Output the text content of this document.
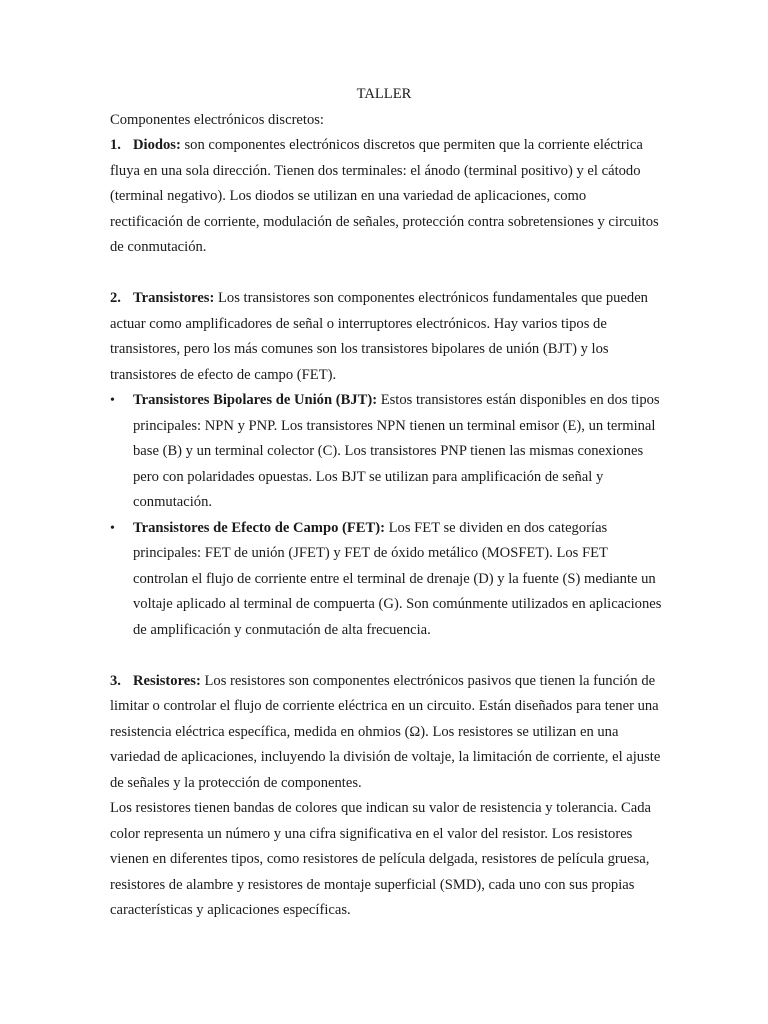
TALLER

Componentes electrónicos discretos:

1. Diodos: son componentes electrónicos discretos que permiten que la corriente eléctrica fluya en una sola dirección. Tienen dos terminales: el ánodo (terminal positivo) y el cátodo (terminal negativo). Los diodos se utilizan en una variedad de aplicaciones, como rectificación de corriente, modulación de señales, protección contra sobretensiones y circuitos de conmutación.

2. Transistores: Los transistores son componentes electrónicos fundamentales que pueden actuar como amplificadores de señal o interruptores electrónicos. Hay varios tipos de transistores, pero los más comunes son los transistores bipolares de unión (BJT) y los transistores de efecto de campo (FET).

•	Transistores Bipolares de Unión (BJT): Estos transistores están disponibles en dos tipos principales: NPN y PNP. Los transistores NPN tienen un terminal emisor (E), un terminal base (B) y un terminal colector (C). Los transistores PNP tienen las mismas conexiones pero con polaridades opuestas. Los BJT se utilizan para amplificación de señal y conmutación.
•	Transistores de Efecto de Campo (FET): Los FET se dividen en dos categorías principales: FET de unión (JFET) y FET de óxido metálico (MOSFET). Los FET controlan el flujo de corriente entre el terminal de drenaje (D) y la fuente (S) mediante un voltaje aplicado al terminal de compuerta (G). Son comúnmente utilizados en aplicaciones de amplificación y conmutación de alta frecuencia.

3. Resistores: Los resistores son componentes electrónicos pasivos que tienen la función de limitar o controlar el flujo de corriente eléctrica en un circuito. Están diseñados para tener una resistencia eléctrica específica, medida en ohmios (Ω). Los resistores se utilizan en una variedad de aplicaciones, incluyendo la división de voltaje, la limitación de corriente, el ajuste de señales y la protección de componentes.

Los resistores tienen bandas de colores que indican su valor de resistencia y tolerancia. Cada color representa un número y una cifra significativa en el valor del resistor. Los resistores vienen en diferentes tipos, como resistores de película delgada, resistores de película gruesa, resistores de alambre y resistores de montaje superficial (SMD), cada uno con sus propias características y aplicaciones específicas.
